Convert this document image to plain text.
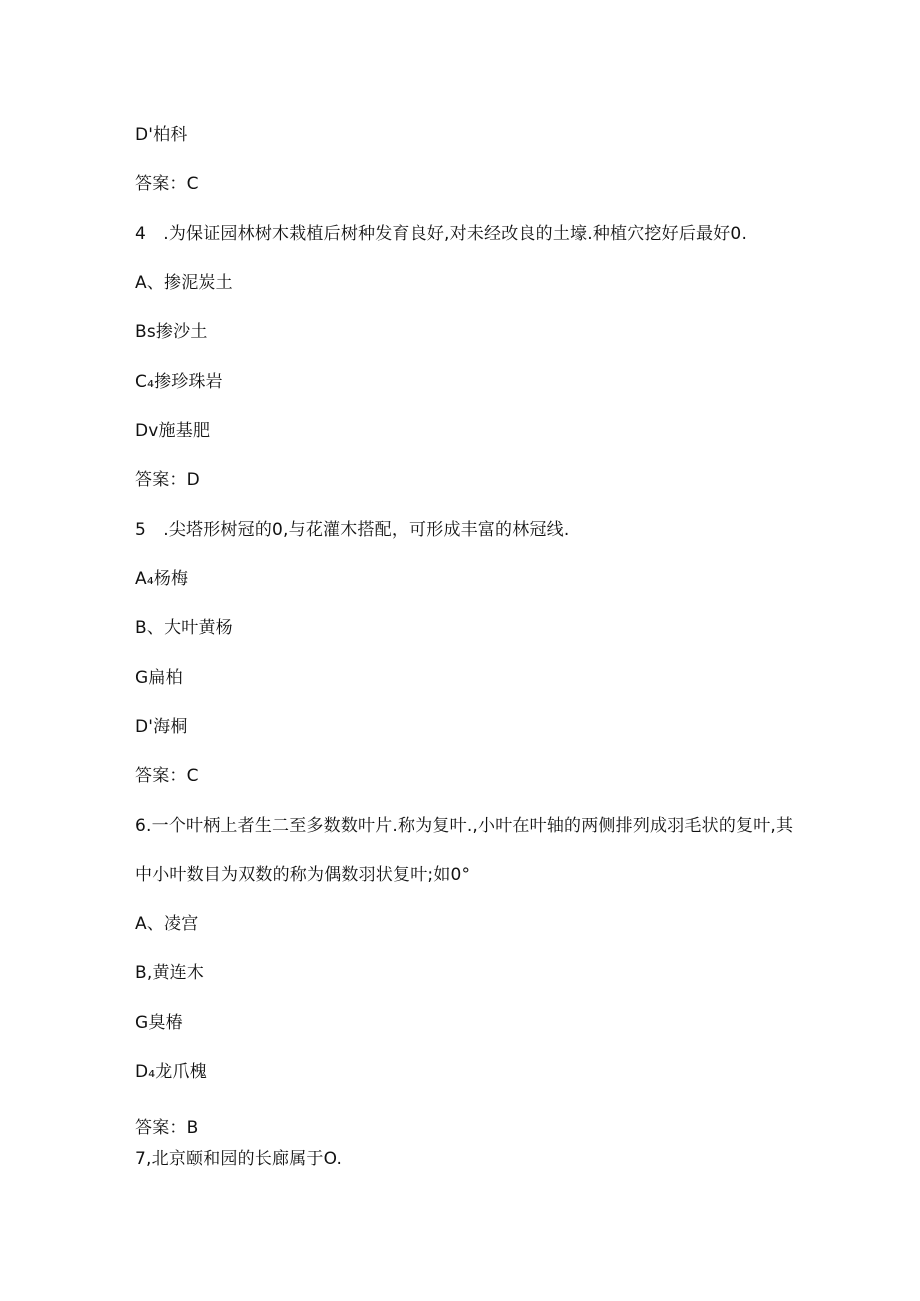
D'柏科
答案：C
4　.为保证园林树木栽植后树种发育良好,对未经改良的土壕.种植穴挖好后最好0.
A、掺泥炭土
Bs掺沙土
C₄掺珍珠岩
Dv施基肥
答案：D
5　.尖塔形树冠的0,与花灌木搭配，可形成丰富的林冠线.
A₄杨梅
B、大叶黄杨
G扁柏
D'海桐
答案：C
6.一个叶柄上者生二至多数数叶片.称为复叶.,小叶在叶轴的两侧排列成羽毛状的复叶,其
中小叶数目为双数的称为偶数羽状复叶;如0°
A、凌宫
B,黄连木
G臭椿
D₄龙爪槐
答案：B
7,北京颐和园的长廊属于O.
